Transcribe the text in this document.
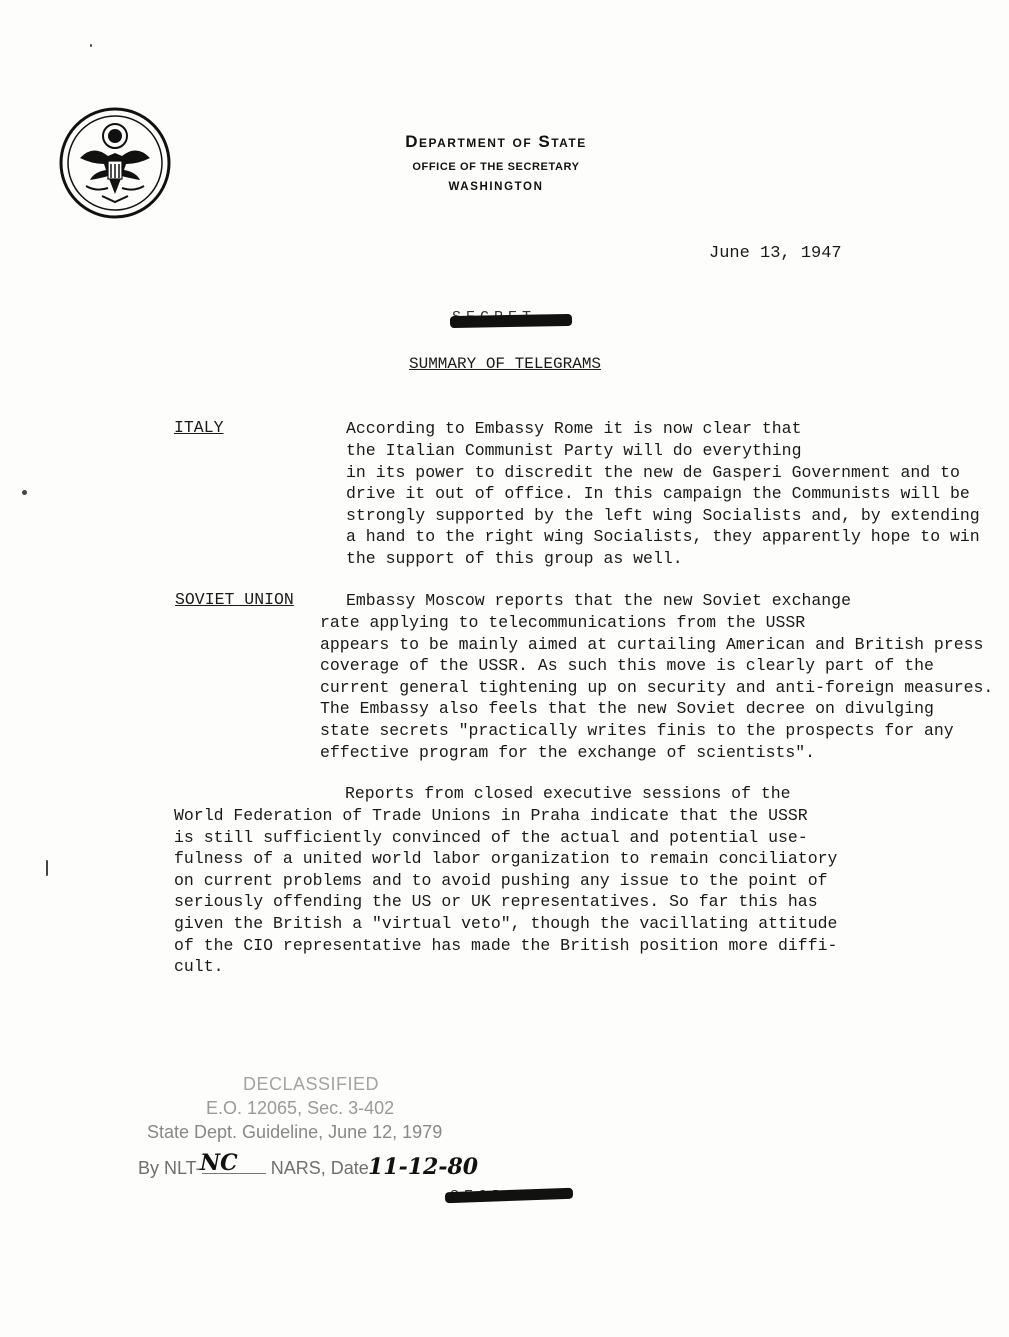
Department of State
OFFICE OF THE SECRETARY
WASHINGTON
June 13, 1947
SUMMARY OF TELEGRAMS
ITALY	According to Embassy Rome it is now clear that
the Italian Communist Party will do everything
in its power to discredit the new de Gasperi Government and to
drive it out of office. In this campaign the Communists will be
strongly supported by the left wing Socialists and, by extending
a hand to the right wing Socialists, they apparently hope to win
the support of this group as well.
SOVIET UNION	Embassy Moscow reports that the new Soviet exchange
rate applying to telecommunications from the USSR
appears to be mainly aimed at curtailing American and British press
coverage of the USSR. As such this move is clearly part of the
current general tightening up on security and anti-foreign measures.
The Embassy also feels that the new Soviet decree on divulging
state secrets "practically writes finis to the prospects for any
effective program for the exchange of scientists".
Reports from closed executive sessions of the
World Federation of Trade Unions in Praha indicate that the USSR
is still sufficiently convinced of the actual and potential use-
fulness of a united world labor organization to remain conciliatory
on current problems and to avoid pushing any issue to the point of
seriously offending the US or UK representatives. So far this has
given the British a "virtual veto", though the vacillating attitude
of the CIO representative has made the British position more diffi-
cult.
DECLASSIFIED
E.O. 12065, Sec. 3-402
State Dept. Guideline, June 12, 1979
By NLT-	NARS, Date
NC	11-12-80
